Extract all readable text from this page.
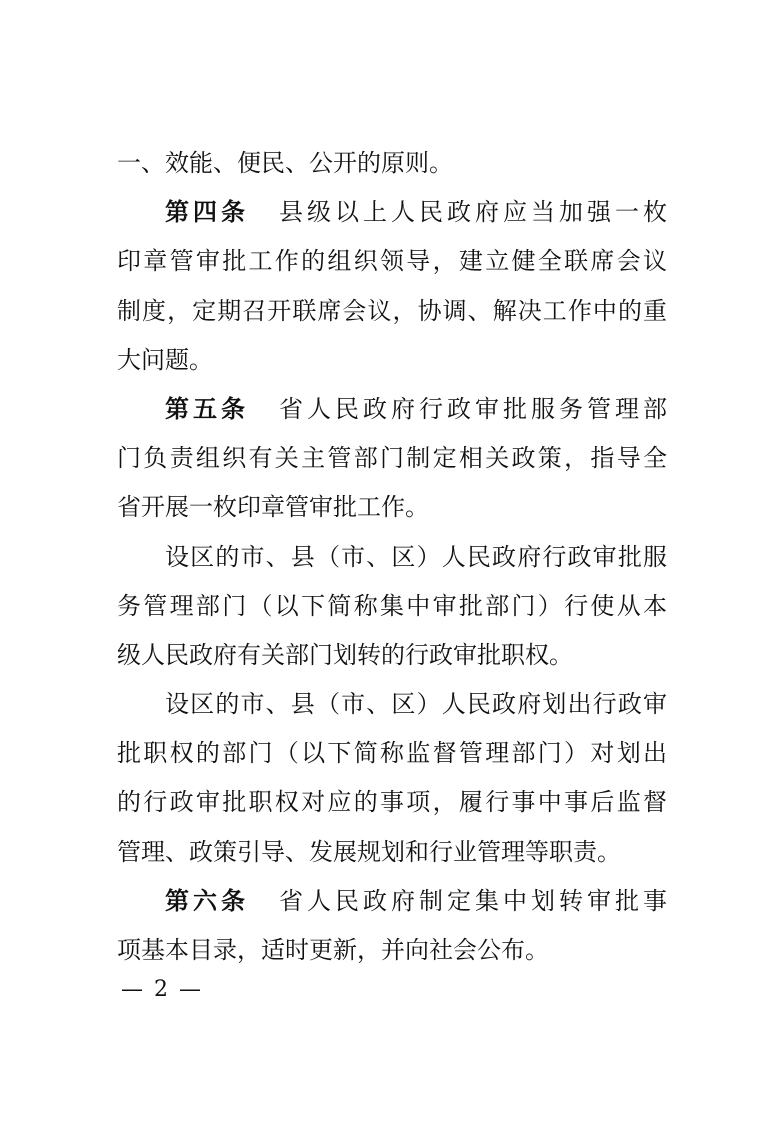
一、效能、便民、公开的原则。
第四条 县级以上人民政府应当加强一枚
印章管审批工作的组织领导，建立健全联席会议
制度，定期召开联席会议，协调、解决工作中的重
大问题。
第五条 省人民政府行政审批服务管理部
门负责组织有关主管部门制定相关政策，指导全
省开展一枚印章管审批工作。
设区的市、县（市、区）人民政府行政审批服
务管理部门（以下简称集中审批部门）行使从本
级人民政府有关部门划转的行政审批职权。
设区的市、县（市、区）人民政府划出行政审
批职权的部门（以下简称监督管理部门）对划出
的行政审批职权对应的事项，履行事中事后监督
管理、政策引导、发展规划和行业管理等职责。
第六条 省人民政府制定集中划转审批事
项基本目录，适时更新，并向社会公布。
— 2 —
